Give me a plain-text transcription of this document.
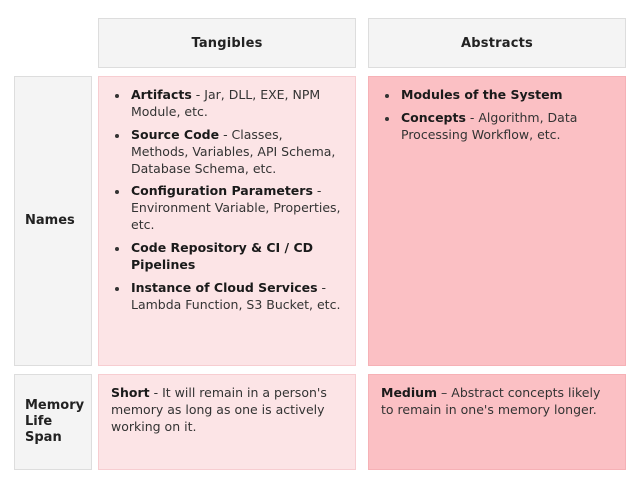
Tangibles	Abstracts
Names
• Artifacts - Jar, DLL, EXE, NPM Module, etc.
• Source Code - Classes, Methods, Variables, API Schema, Database Schema, etc.
• Configuration Parameters - Environment Variable, Properties, etc.
• Code Repository & CI / CD Pipelines
• Instance of Cloud Services - Lambda Function, S3 Bucket, etc.
• Modules of the System
• Concepts - Algorithm, Data Processing Workflow, etc.
Memory Life Span

Short - It will remain in a person's memory as long as one is actively working on it.

Medium – Abstract concepts likely to remain in one's memory longer.
